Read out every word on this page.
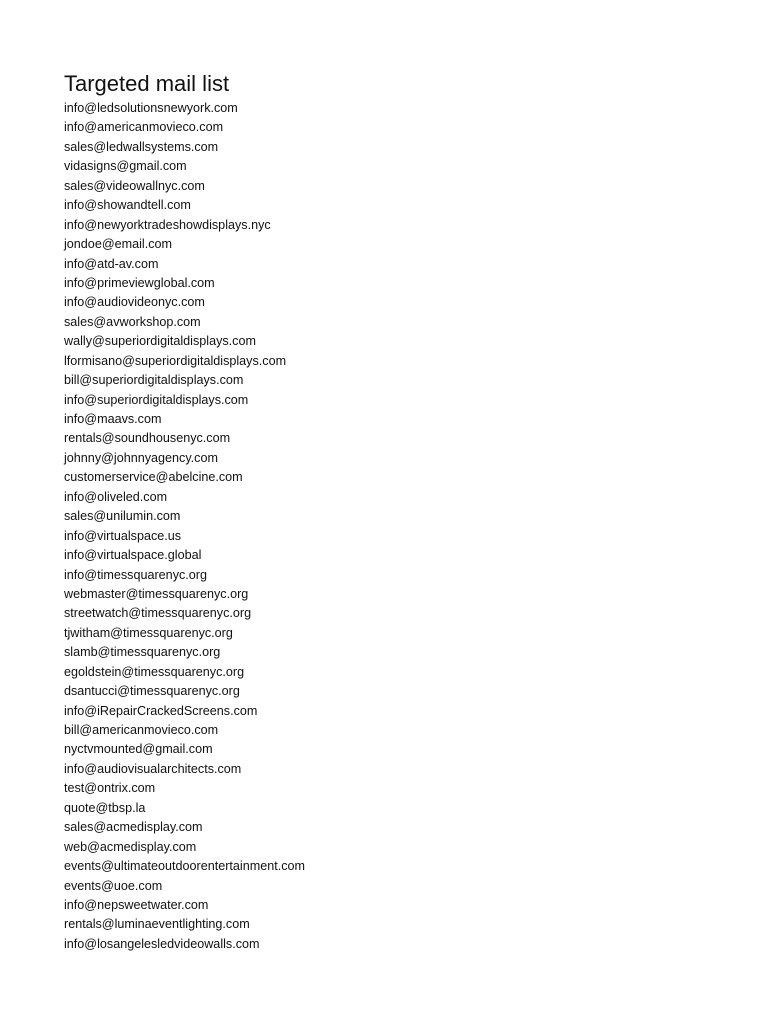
Targeted mail list
info@ledsolutionsnewyork.com
info@americanmovieco.com
sales@ledwallsystems.com
vidasigns@gmail.com
sales@videowallnyc.com
info@showandtell.com
info@newyorktradeshowdisplays.nyc
jondoe@email.com
info@atd-av.com
info@primeviewglobal.com
info@audiovideonyc.com
sales@avworkshop.com
wally@superiordigitaldisplays.com
lformisano@superiordigitaldisplays.com
bill@superiordigitaldisplays.com
info@superiordigitaldisplays.com
info@maavs.com
rentals@soundhousenyc.com
johnny@johnnyagency.com
customerservice@abelcine.com
info@oliveled.com
sales@unilumin.com
info@virtualspace.us
info@virtualspace.global
info@timessquarenyc.org
webmaster@timessquarenyc.org
streetwatch@timessquarenyc.org
tjwitham@timessquarenyc.org
slamb@timessquarenyc.org
egoldstein@timessquarenyc.org
dsantucci@timessquarenyc.org
info@iRepairCrackedScreens.com
bill@americanmovieco.com
nyctvmounted@gmail.com
info@audiovisualarchitects.com
test@ontrix.com
quote@tbsp.la
sales@acmedisplay.com
web@acmedisplay.com
events@ultimateoutdoorentertainment.com
events@uoe.com
info@nepsweetwater.com
rentals@luminaeventlighting.com
info@losangelesledvideowalls.com
